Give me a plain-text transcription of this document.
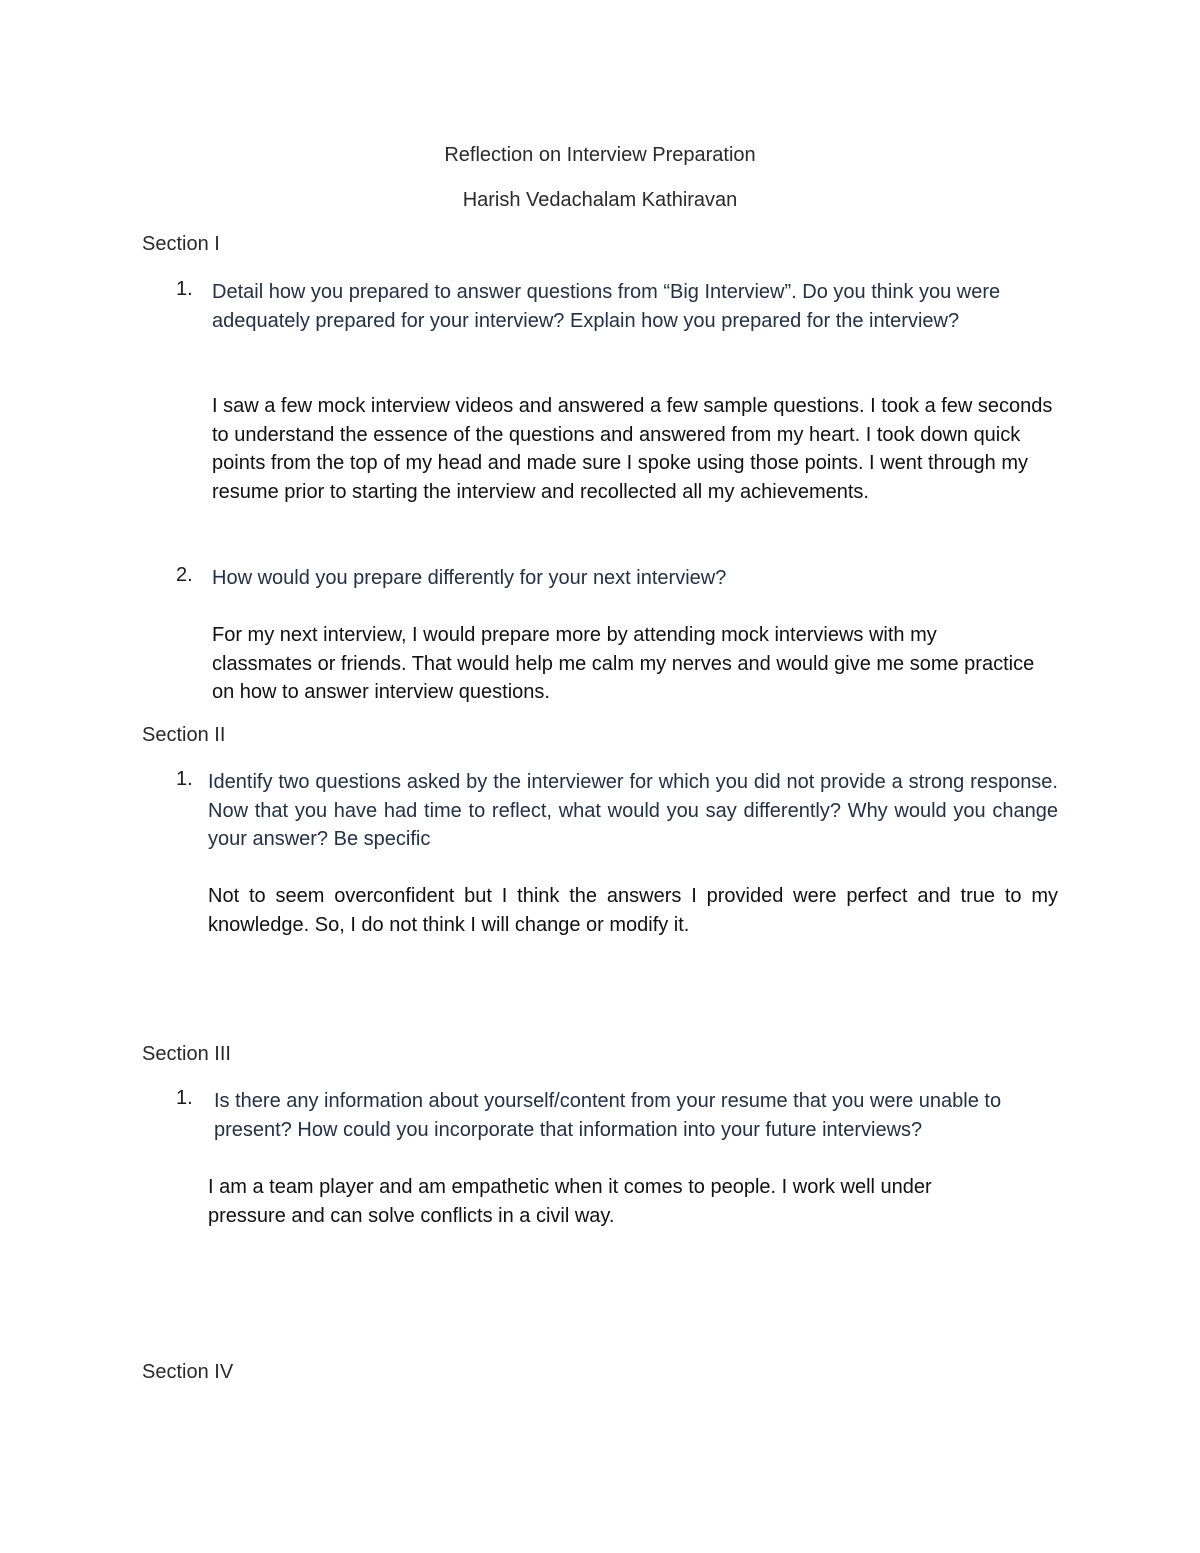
Reflection on Interview Preparation
Harish Vedachalam Kathiravan
Section I
1. Detail how you prepared to answer questions from “Big Interview”. Do you think you were adequately prepared for your interview? Explain how you prepared for the interview?
I saw a few mock interview videos and answered a few sample questions. I took a few seconds to understand the essence of the questions and answered from my heart. I took down quick points from the top of my head and made sure I spoke using those points. I went through my resume prior to starting the interview and recollected all my achievements.
2. How would you prepare differently for your next interview?
For my next interview, I would prepare more by attending mock interviews with my classmates or friends. That would help me calm my nerves and would give me some practice on how to answer interview questions.
Section II
1. Identify two questions asked by the interviewer for which you did not provide a strong response. Now that you have had time to reflect, what would you say differently? Why would you change your answer? Be specific
Not to seem overconfident but I think the answers I provided were perfect and true to my knowledge. So, I do not think I will change or modify it.
Section III
1. Is there any information about yourself/content from your resume that you were unable to present? How could you incorporate that information into your future interviews?
I am a team player and am empathetic when it comes to people. I work well under pressure and can solve conflicts in a civil way.
Section IV
